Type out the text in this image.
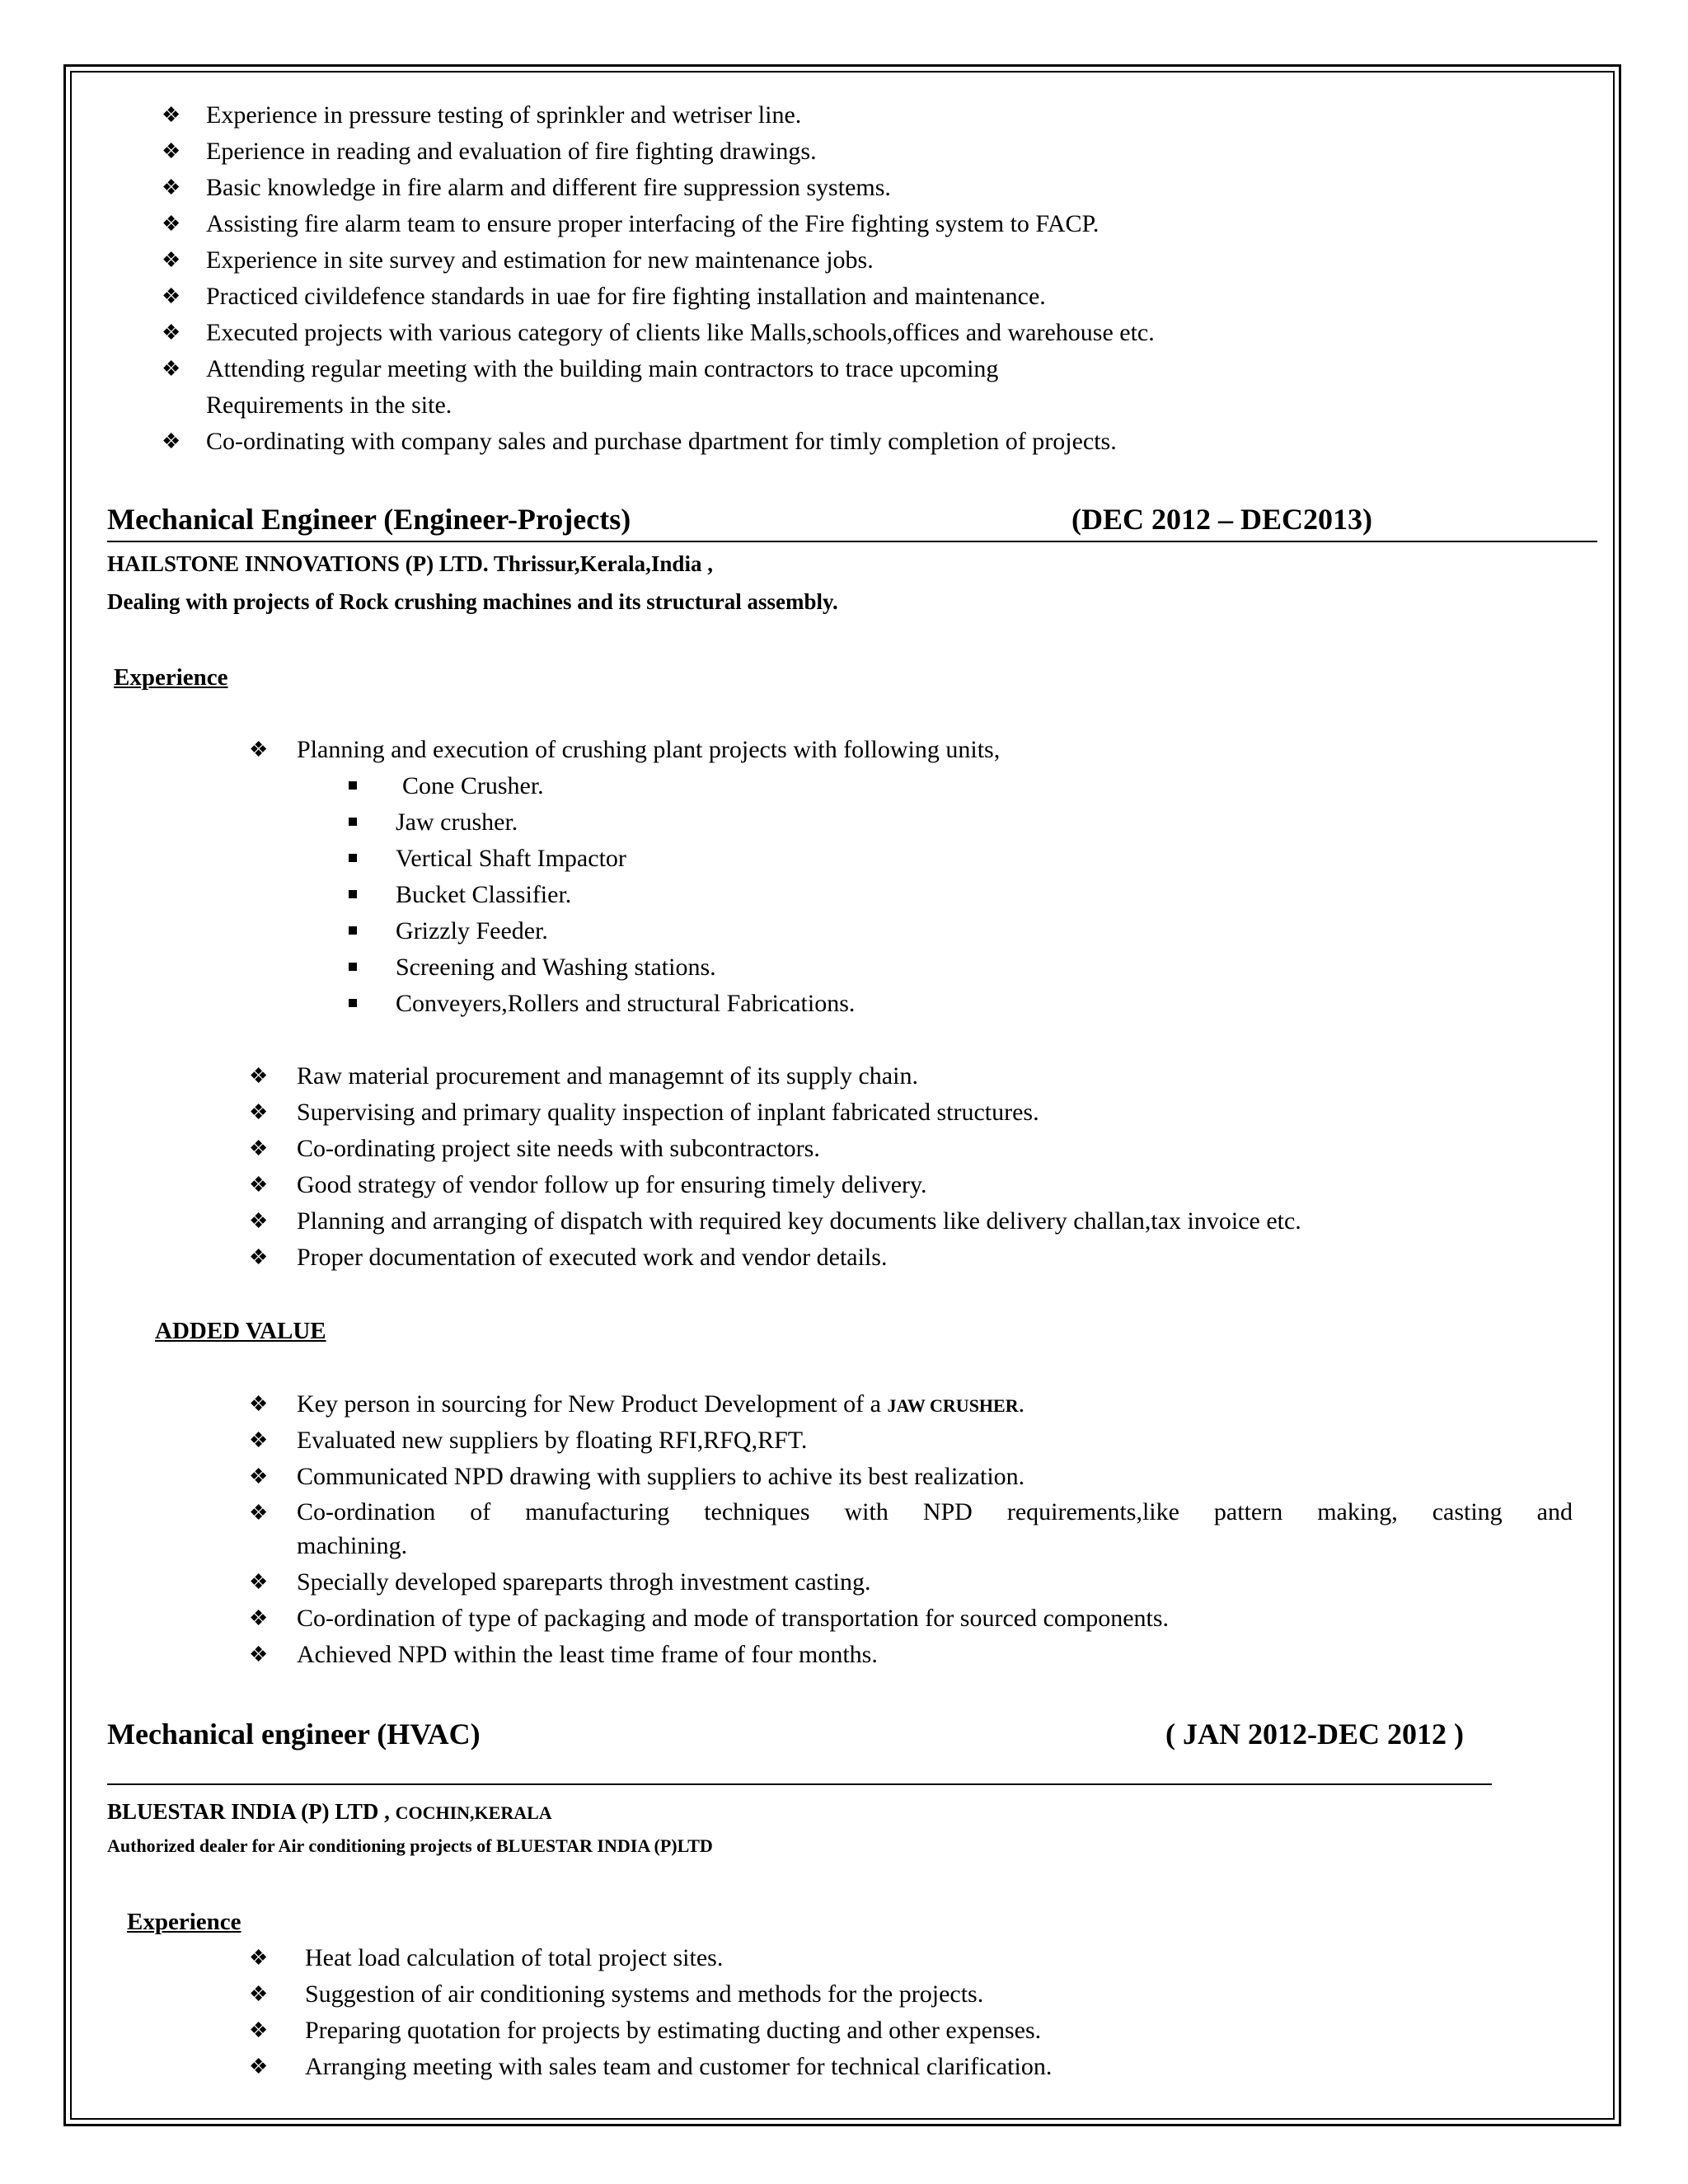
❖ Experience in pressure testing of sprinkler and wetriser line.
❖ Eperience in reading and evaluation of fire fighting drawings.
❖ Basic knowledge in fire alarm and different fire suppression systems.
❖ Assisting fire alarm team to ensure proper interfacing of the Fire fighting system to FACP.
❖ Experience in site survey and estimation for new maintenance jobs.
❖ Practiced civildefence standards in uae for fire fighting installation and maintenance.
❖ Executed projects with various category of clients like Malls,schools,offices and warehouse etc.
❖ Attending regular meeting with the building main contractors to trace upcoming
Requirements in the site.
❖ Co-ordinating with company sales and purchase dpartment for timly completion of projects.
Mechanical Engineer (Engineer-Projects)	(DEC 2012 – DEC2013)
HAILSTONE INNOVATIONS (P) LTD. Thrissur,Kerala,India ,
Dealing with projects of Rock crushing machines and its structural assembly.
Experience
❖ Planning and execution of crushing plant projects with following units,
Cone Crusher.
Jaw crusher.
Vertical Shaft Impactor
Bucket Classifier.
Grizzly Feeder.
Screening and Washing stations.
Conveyers,Rollers and structural Fabrications.
❖ Raw material procurement and managemnt of its supply chain.
❖ Supervising and primary quality inspection of inplant fabricated structures.
❖ Co-ordinating project site needs with subcontractors.
❖ Good strategy of vendor follow up for ensuring timely delivery.
❖ Planning and arranging of dispatch with required key documents like delivery challan,tax invoice etc.
❖ Proper documentation of executed work and vendor details.
ADDED VALUE
❖ Key person in sourcing for New Product Development of a JAW CRUSHER.
❖ Evaluated new suppliers by floating RFI,RFQ,RFT.
❖ Communicated NPD drawing with suppliers to achive its best realization.
❖ Co-ordination of manufacturing techniques with NPD requirements,like pattern making, casting and
machining.
❖ Specially developed spareparts throgh investment casting.
❖ Co-ordination of type of packaging and mode of transportation for sourced components.
❖ Achieved NPD within the least time frame of four months.
Mechanical engineer (HVAC)	( JAN 2012-DEC 2012 )
BLUESTAR INDIA (P) LTD , COCHIN,KERALA
Authorized dealer for Air conditioning projects of BLUESTAR INDIA (P)LTD
Experience
❖ Heat load calculation of total project sites.
❖ Suggestion of air conditioning systems and methods for the projects.
❖ Preparing quotation for projects by estimating ducting and other expenses.
❖ Arranging meeting with sales team and customer for technical clarification.
